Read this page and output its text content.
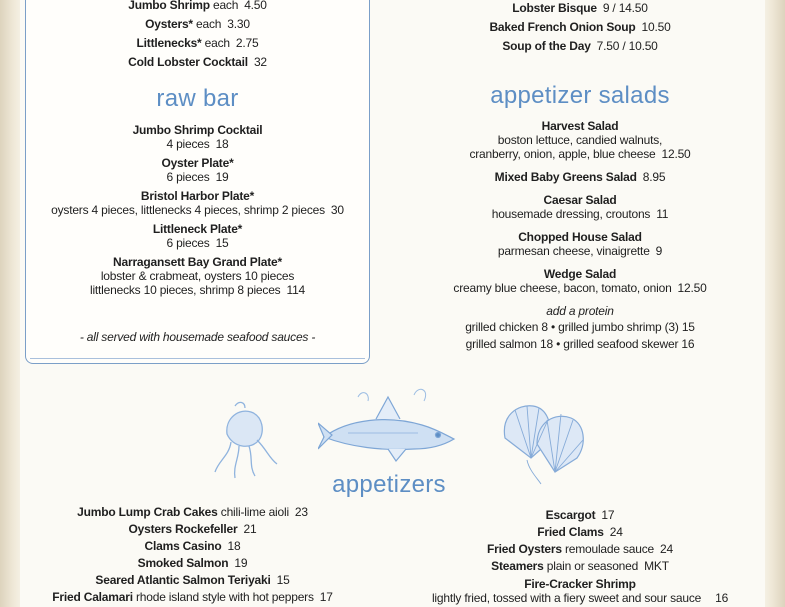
Jumbo Shrimp each 4.50
Oysters* each 3.30
Littlenecks* each 2.75
Cold Lobster Cocktail 32
Lobster Bisque 9 / 14.50
Baked French Onion Soup 10.50
Soup of the Day 7.50 / 10.50
raw bar
Jumbo Shrimp Cocktail
4 pieces 18
Oyster Plate*
6 pieces 19
Bristol Harbor Plate*
oysters 4 pieces, littlenecks 4 pieces, shrimp 2 pieces 30
Littleneck Plate*
6 pieces 15
Narragansett Bay Grand Plate*
lobster & crabmeat, oysters 10 pieces
littlenecks 10 pieces, shrimp 8 pieces 114
- all served with housemade seafood sauces -
appetizer salads
Harvest Salad
boston lettuce, candied walnuts,
cranberry, onion, apple, blue cheese 12.50
Mixed Baby Greens Salad 8.95
Caesar Salad
housemade dressing, croutons 11
Chopped House Salad
parmesan cheese, vinaigrette 9
Wedge Salad
creamy blue cheese, bacon, tomato, onion 12.50
add a protein
grilled chicken 8 • grilled jumbo shrimp (3) 15
grilled salmon 18 • grilled seafood skewer 16
appetizers
Jumbo Lump Crab Cakes chili-lime aioli 23
Oysters Rockefeller 21
Clams Casino 18
Smoked Salmon 19
Seared Atlantic Salmon Teriyaki 15
Fried Calamari rhode island style with hot peppers 17
Escargot 17
Fried Clams 24
Fried Oysters remoulade sauce 24
Steamers plain or seasoned MKT
Fire-Cracker Shrimp
lightly fried, tossed with a fiery sweet and sour sauce 16
